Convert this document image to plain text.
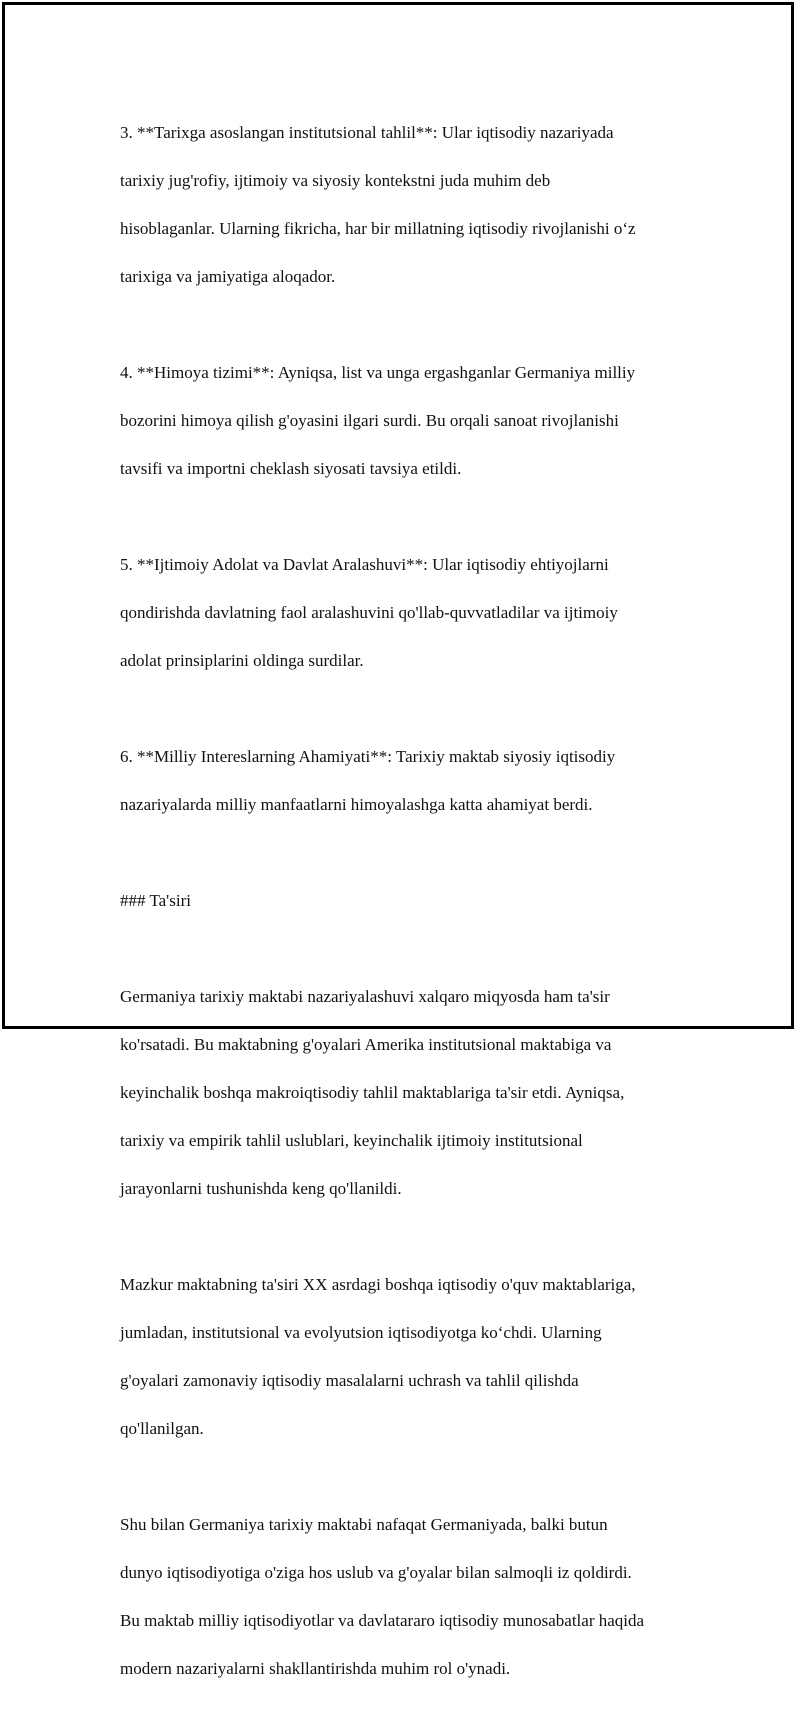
3. **Tarixga asoslangan institutsional tahlil**: Ular iqtisodiy nazariyada

tarixiy jug'rofiy, ijtimoiy va siyosiy kontekstni juda muhim deb

hisoblaganlar. Ularning fikricha, har bir millatning iqtisodiy rivojlanishi o‘z

tarixiga va jamiyatiga aloqador.

4. **Himoya tizimi**: Ayniqsa, list va unga ergashganlar Germaniya milliy

bozorini himoya qilish g'oyasini ilgari surdi. Bu orqali sanoat rivojlanishi

tavsifi va importni cheklash siyosati tavsiya etildi.

5. **Ijtimoiy Adolat va Davlat Aralashuvi**: Ular iqtisodiy ehtiyojlarni

qondirishda davlatning faol aralashuvini qo'llab-quvvatladilar va ijtimoiy

adolat prinsiplarini oldinga surdilar.

6. **Milliy Intereslarning Ahamiyati**: Tarixiy maktab siyosiy iqtisodiy

nazariyalarda milliy manfaatlarni himoyalashga katta ahamiyat berdi.

### Ta'siri

Germaniya tarixiy maktabi nazariyalashuvi xalqaro miqyosda ham ta'sir

ko'rsatadi. Bu maktabning g'oyalari Amerika institutsional maktabiga va

keyinchalik boshqa makroiqtisodiy tahlil maktablariga ta'sir etdi. Ayniqsa,

tarixiy va empirik tahlil uslublari, keyinchalik ijtimoiy institutsional

jarayonlarni tushunishda keng qo'llanildi.

Mazkur maktabning ta'siri XX asrdagi boshqa iqtisodiy o'quv maktablariga,

jumladan, institutsional va evolyutsion iqtisodiyotga ko‘chdi. Ularning

g'oyalari zamonaviy iqtisodiy masalalarni uchrash va tahlil qilishda

qo'llanilgan.

Shu bilan Germaniya tarixiy maktabi nafaqat Germaniyada, balki butun

dunyo iqtisodiyotiga o'ziga hos uslub va g'oyalar bilan salmoqli iz qoldirdi.

Bu maktab milliy iqtisodiyotlar va davlatararo iqtisodiy munosabatlar haqida

modern nazariyalarni shakllantirishda muhim rol o'ynadi.
